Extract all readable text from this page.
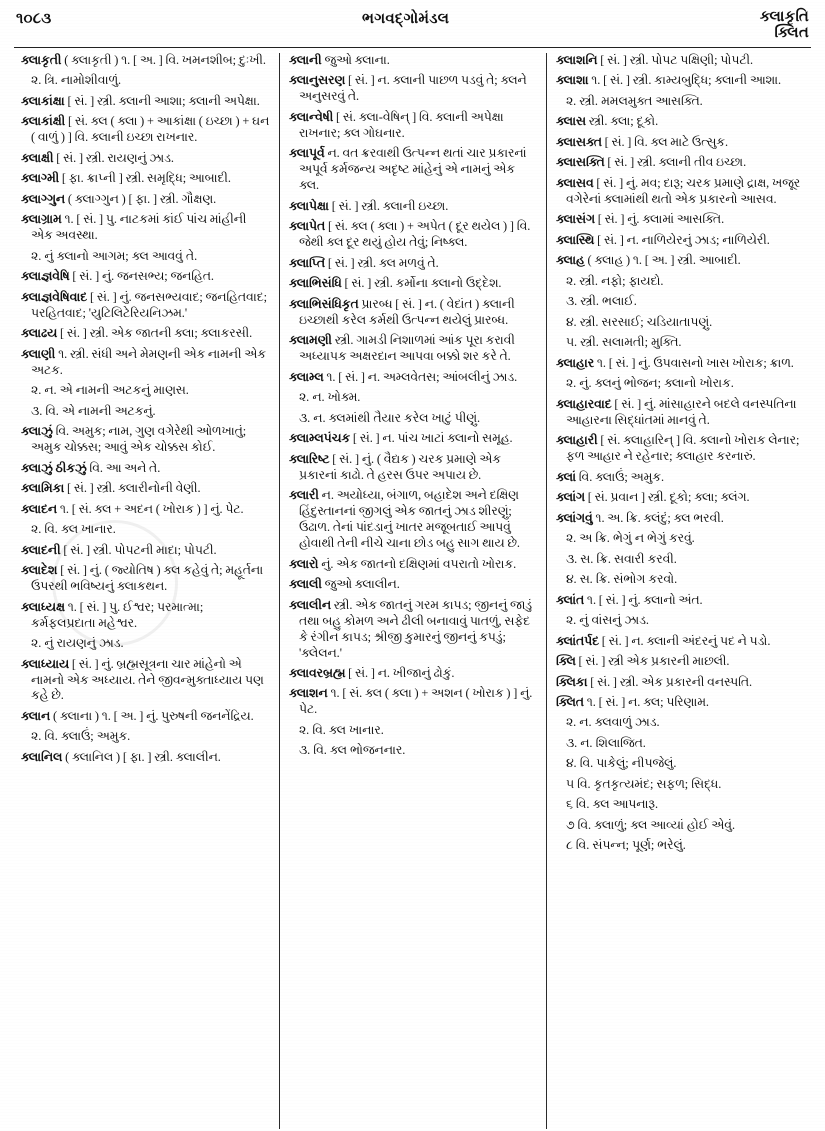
૧૦૮૩	ભગવદ્‌ગોમંડલ	ક્લાકૃતિ
ક્લિત

ક્લાકૃતી ( ક્લાકૃતી ) ૧. [ અ. ] વિ. ખમનશીબ; દુઃખી.

૨. ત્રિ. નામોશીવાળું.

ક્લાકાંક્ષા [ સં. ] સ્ત્રી. ક્લાની આશા; ક્લાની અપેક્ષા.

ક્લાકાંક્ષી [ સં. ક્લ ( ક્લા ) + આકાંક્ષા ( ઇચ્છા ) + ઘન ( વાળું ) ] વિ. ક્લાની ઇચ્છા રાખનાર.

ક્લાક્ષી [ સં. ] સ્ત્રી. રાયણનું ઝાડ.

ક્લાગ્મી [ ફા. ક્રાપ્ની ] સ્ત્રી. સમૃદ્ધિ; આબાદી.

ક્લાગ્ગુન ( ક્લાગ્ગુન ) [ ફા. ] સ્ત્રી. ગૌક્ષણ.

ક્લાગ્રામ ૧. [ સં. ] પુ. નાટકમાં કાંઈ પાંચ માંહીની એક અવસ્થા.

૨. નું ક્લાનો આગમ; ક્લ આવવું તે.

ક્લાજ્ઞવેષિ [ સં. ] નું. જનસભ્ય; જનહિત.

ક્લાજ્ઞવેષિવાદ [ સં. ] નું. જનસભ્યવાદ; જનહિતવાદ; પરહિતવાદ; 'યુટિલિટેરિયનિઝમ.'

ક્લાઢય [ સં. ] સ્ત્રી. એક જાતની ક્લા; ક્લાકરસી.

ક્લાણી ૧. સ્ત્રી. સંધી અને મેમણની એક નામની એક અટક.

૨. ન. એ નામની અટકનું માણસ.

૩. વિ. એ નામની અટકનું.

ક્લાઝું વિ. અમુક; નામ, ગુણ વગેરેથી ઓળખાતું; અમુક ચોક્કસ; આવું એક ચોક્કસ કોઈ.

ક્લાઝું ઠીકઝું વિ. આ અને તે.

ક્લામિકા [ સં. ] સ્ત્રી. ક્લારીનોની વેણી.

ક્લાદન ૧. [ સં. ક્લ + અદન ( ખોરાક ) ] નું. પેટ.

૨. વિ. ક્લ ખાનાર.

ક્લાદની [ સં. ] સ્ત્રી. પોપટની માદા; પોપટી.

ક્લાદેશ [ સં. ] નું. ( જ્યોતિષ ) ક્લ કહેવું તે; મહૂર્તના ઉપરથી ભવિષ્યનું ક્લાકથન.

ક્લાધ્યક્ષ ૧. [ સં. ] પુ. ઈશ્વર; પરમાત્મા; કર્મફલપ્રદાતા મહેશ્વર.

૨. નું રાયણનું ઝાડ.

ક્લાધ્યાય [ સં. ] નું. બ્રહ્મસૂત્રના ચાર માંહેનો એ નામનો એક અધ્યાય. તેને જીવન્મુક્તાધ્યાય પણ કહે છે.

ક્લાન ( ક્લાના ) ૧. [ અ. ] નું. પુરુષની જનનેંદ્રિય.

૨. વિ. ક્લાઉં; અમુક.

ક્લાનિલ ( ક્લાનિલ ) [ ફા. ] સ્ત્રી. ક્લાલીન.

ક્લાની જુઓ ક્લાના.

ક્લાનુસરણ [ સં. ] ન. ક્લાની પાછળ પડવું તે; ક્લને અનુસરવું તે.

ક્લાન્વેષી [ સં. ક્લા-વેષિન્ ] વિ. ક્લાની અપેક્ષા રાખનાર; ક્લ ગોઘનાર.

ક્લાપૂર્વ ન. વત ક્રરવાથી ઉત્પન્ન થતાં ચાર પ્રકારનાં અપૂર્વ કર્મજન્ય અદૃષ્ટ માંહેનું એ નામનું એક ક્લ.

ક્લાપેક્ષા [ સં. ] સ્ત્રી. ક્લાની ઇચ્છા.

ક્લાપેત [ સં. ક્લ ( ક્લા ) + અપેત ( દૂર થયેલ ) ] વિ. જેથી ક્લ દૂર થયું હોય તેવું; નિષ્ક્લ.

ક્લાપ્તિ [ સં. ] સ્ત્રી. ક્લ મળવું તે.

ક્લાભિસંધિ [ સં. ] સ્ત્રી. કર્મોના ક્લાનો ઉદ્દેશ.

ક્લાભિસંધિકૃત પ્રારબ્ધ [ સં. ] ન. ( વેદાંત ) ક્લાની ઇચ્છાથી કરેલ કર્મથી ઉત્પન્ન થયેલું પ્રારબ્ધ.

ક્લામણી સ્ત્રી. ગામડી નિશાળમાં આંક પૂરા કરાવી અધ્યાપક અક્ષરદાન આપવા બક્કો શર કરે તે.

ક્લામ્લ ૧. [ સં. ] ન. અમ્લવેતસ; આંબલીનું ઝાડ.

૨. ન. ખોક્મ.

૩. ન. ક્લમાંથી તૈયાર કરેલ ખાટું પીણું.

ક્લામ્લપંચક [ સં. ] ન. પાંચ ખાટાં ક્લાનો સમૂહ.

ક્લારિષ્ટ [ સં. ] નું. ( વૈદ્યક ) ચરક પ્રમાણે એક પ્રકારનાં કાઢો. તે હરસ ઉપર અપાય છે.

ક્લારી ન. અયોધ્યા, બંગાળ, બહાદેશ અને દક્ષિણ હિંદુસ્તાનનાં જીગલું એક જાતનું ઝાડ શીરણું; ઉઢાળ. તેનાં પાંદડાનું ખાતર મજૂબતાઈ આપવું હોવાથી તેની નીચે ચાના છોડ બહુ સાગ થાય છે.

ક્લારો નું. એક જાતનો દક્ષિણમાં વપરાતો ખોરાક.

ક્લાલી જુઓ ક્લાલીન.

ક્લાલીન સ્ત્રી. એક જાતનું ગરમ કાપડ; જીનનું જાડું તથા બહુ કોમળ અને ઢીલી બનાવાવું પાતળું, સફેદ કે રંગીન કાપડ; શ્રીજી કુમારનું જીનનું કપડું; 'ક્લેલન.'

ક્લાવરબ્રહ્મ [ સં. ] ન. ખીજાનું ઢોકું.

ક્લાશન ૧. [ સં. ક્લ ( ક્લા ) + અશન ( ખોરાક ) ] નું. પેટ.

૨. વિ. ક્લ ખાનાર.

૩. વિ. ક્લ ભોજનનાર.

ક્લાશનિ [ સં. ] સ્ત્રી. પોપટ પક્ષિણી; પોપટી.

ક્લાશા ૧. [ સં. ] સ્ત્રી. કામ્યબુદ્ધિ; ક્લાની આશા.

૨. સ્ત્રી. મમલમુક્ત આસક્તિ.

ક્લાસ સ્ત્રી. ક્લા; દૂકો.

ક્લાસક્ત [ સં. ] વિ. ક્લ માટે ઉત્સુક.

ક્લાસક્તિ [ સં. ] સ્ત્રી. ક્લાની તીવ ઇચ્છા.

ક્લાસવ [ સં. ] નું. મવ; દારૂ; ચરક પ્રમાણે દ્રાક્ષ, ખજૂર વગેરેનાં ક્લામાંથી થતો એક પ્રકારનો આસવ.

ક્લાસંગ [ સં. ] નું. ક્લામાં આસક્તિ.

ક્લાસ્થિ [ સં. ] ન. નાળિયેરનું ઝાડ; નાળિયેરી.

ક્લાહ ( ક્લાહ ) ૧. [ અ. ] સ્ત્રી. આબાદી.

૨. સ્ત્રી. નફો; ફાયદો.

૩. સ્ત્રી. ભલાઈ.

૪. સ્ત્રી. સરસાઈ; ચડિયાતાપણું.

૫. સ્ત્રી. સલામતી; મુક્તિ.

ક્લાહાર ૧. [ સં. ] નું. ઉપવાસનો ખાસ ખોરાક; ક્રાળ.

૨. નું. ક્લનું ભોજન; ક્લાનો ખોરાક.

ક્લાહારવાદ [ સં. ] નું. માંસાહારને બદલે વનસ્પતિના આહારના સિદ્ધાંતમાં માનવું તે.

ક્લાહારી [ સં. ક્લાહારિન્ ] વિ. ક્લાનો ખોરાક લેનાર; ફળ આહાર ને રહેનાર; ક્લાહાર કરનારું.

ક્લાં વિ. ક્લાઉં; અમુક.

ક્લાંગ [ સં. પ્રવાન ] સ્ત્રી. દૂકો; ક્લા; ક્લંગ.

ક્લાંગવું ૧. અ. ક્રિ. ક્લંદું; ક્લ ભરવી.

૨. અ ક્રિ. ભેગું ન ભેગું કરવું.

૩. સ. ક્રિ. સવારી કરવી.

૪. સ. ક્રિ. સંભોગ કરવો.

ક્લાંત ૧. [ સં. ] નું. ક્લાનો અંત.

૨. નું વાંસનું ઝાડ.

ક્લાંતર્પદ [ સં. ] ન. ક્લાની અંદરનું પદ ને પડો.

ક્લિ [ સં. ] સ્ત્રી એક પ્રકારની માછલી.

ક્લિકા [ સં. ] સ્ત્રી. એક પ્રકારની વનસ્પતિ.

ક્લિત ૧. [ સં. ] ન. ક્લ; પરિણામ.

૨. ન. ક્લવાળું ઝાડ.

૩. ન. શિલાજિત.

૪. વિ. પાકેલું; નીપજેલું.

૫ વિ. કૃતકૃત્યમંદ; સફળ; સિદ્ધ.

૬ વિ. ક્લ આપનારૂ.

૭ વિ. ક્લાળું; ક્લ આવ્યાં હોઈ એવું.

૮ વિ. સંપન્ન; પૂર્ણ; ભરેલું.
